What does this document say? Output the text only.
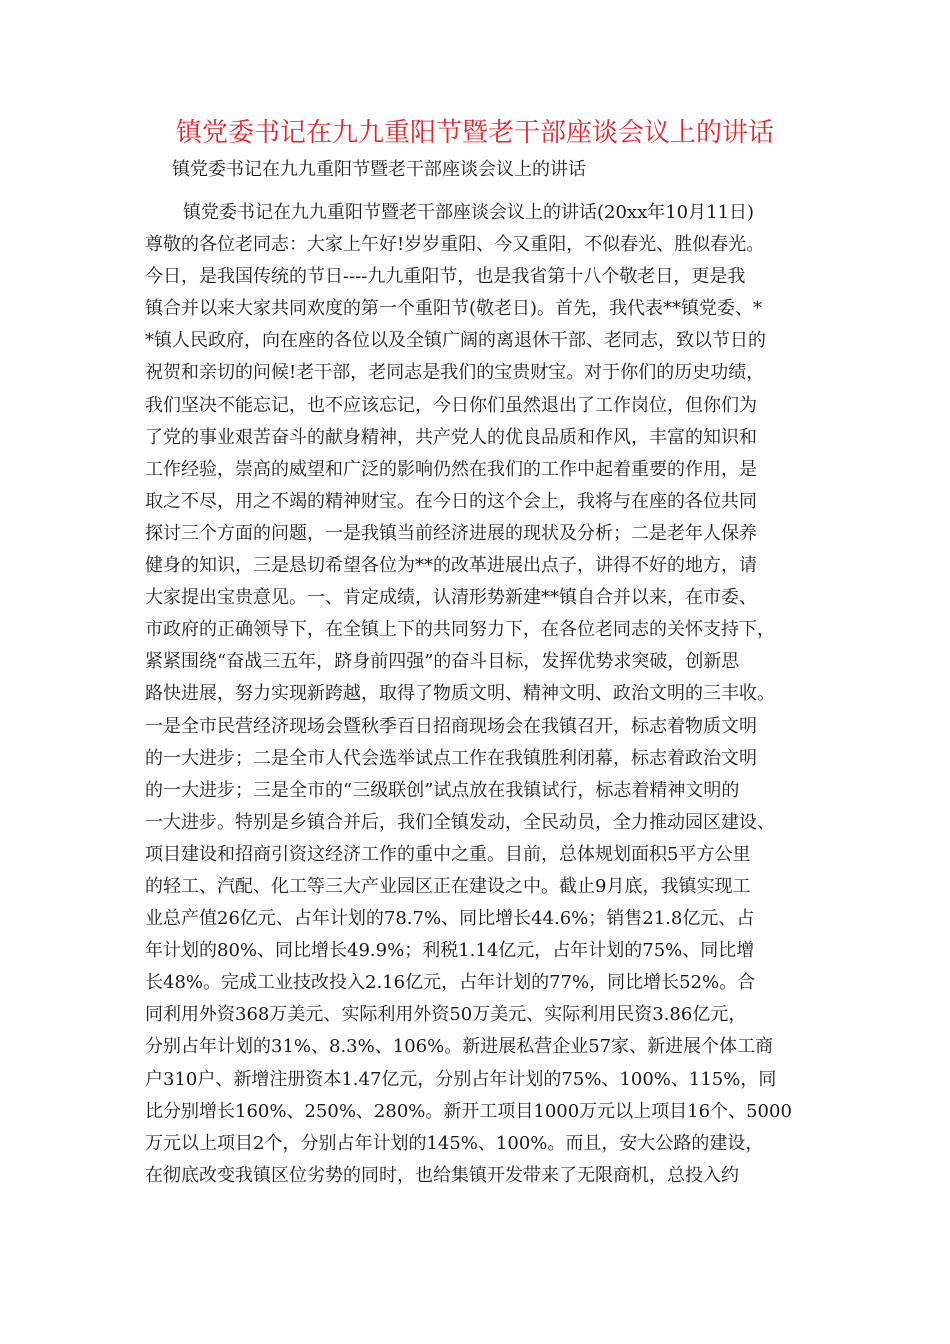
镇党委书记在九九重阳节暨老干部座谈会议上的讲话
镇党委书记在九九重阳节暨老干部座谈会议上的讲话
镇党委书记在九九重阳节暨老干部座谈会议上的讲话(20xx年10月11日)
尊敬的各位老同志：大家上午好!岁岁重阳、今又重阳，不似春光、胜似春光。
今日，是我国传统的节日----九九重阳节，也是我省第十八个敬老日，更是我
镇合并以来大家共同欢度的第一个重阳节(敬老日)。首先，我代表**镇党委、*
*镇人民政府，向在座的各位以及全镇广阔的离退休干部、老同志，致以节日的
祝贺和亲切的问候!老干部，老同志是我们的宝贵财宝。对于你们的历史功绩，
我们坚决不能忘记，也不应该忘记，今日你们虽然退出了工作岗位，但你们为
了党的事业艰苦奋斗的献身精神，共产党人的优良品质和作风，丰富的知识和
工作经验，崇高的威望和广泛的影响仍然在我们的工作中起着重要的作用，是
取之不尽，用之不竭的精神财宝。在今日的这个会上，我将与在座的各位共同
探讨三个方面的问题，一是我镇当前经济进展的现状及分析；二是老年人保养
健身的知识，三是恳切希望各位为**的改革进展出点子，讲得不好的地方，请
大家提出宝贵意见。一、肯定成绩，认清形势新建**镇自合并以来，在市委、
市政府的正确领导下，在全镇上下的共同努力下，在各位老同志的关怀支持下，
紧紧围绕“奋战三五年，跻身前四强”的奋斗目标，发挥优势求突破，创新思
路快进展，努力实现新跨越，取得了物质文明、精神文明、政治文明的三丰收。
一是全市民营经济现场会暨秋季百日招商现场会在我镇召开，标志着物质文明
的一大进步；二是全市人代会选举试点工作在我镇胜利闭幕，标志着政治文明
的一大进步；三是全市的“三级联创”试点放在我镇试行，标志着精神文明的
一大进步。特别是乡镇合并后，我们全镇发动，全民动员，全力推动园区建设、
项目建设和招商引资这经济工作的重中之重。目前，总体规划面积5平方公里
的轻工、汽配、化工等三大产业园区正在建设之中。截止9月底，我镇实现工
业总产值26亿元、占年计划的78.7%、同比增长44.6%；销售21.8亿元、占
年计划的80%、同比增长49.9%；利税1.14亿元，占年计划的75%、同比增
长48%。完成工业技改投入2.16亿元，占年计划的77%，同比增长52%。合
同利用外资368万美元、实际利用外资50万美元、实际利用民资3.86亿元，
分别占年计划的31%、8.3%、106%。新进展私营企业57家、新进展个体工商
户310户、新增注册资本1.47亿元，分别占年计划的75%、100%、115%，同
比分别增长160%、250%、280%。新开工项目1000万元以上项目16个、5000
万元以上项目2个，分别占年计划的145%、100%。而且，安大公路的建设，
在彻底改变我镇区位劣势的同时，也给集镇开发带来了无限商机，总投入约
